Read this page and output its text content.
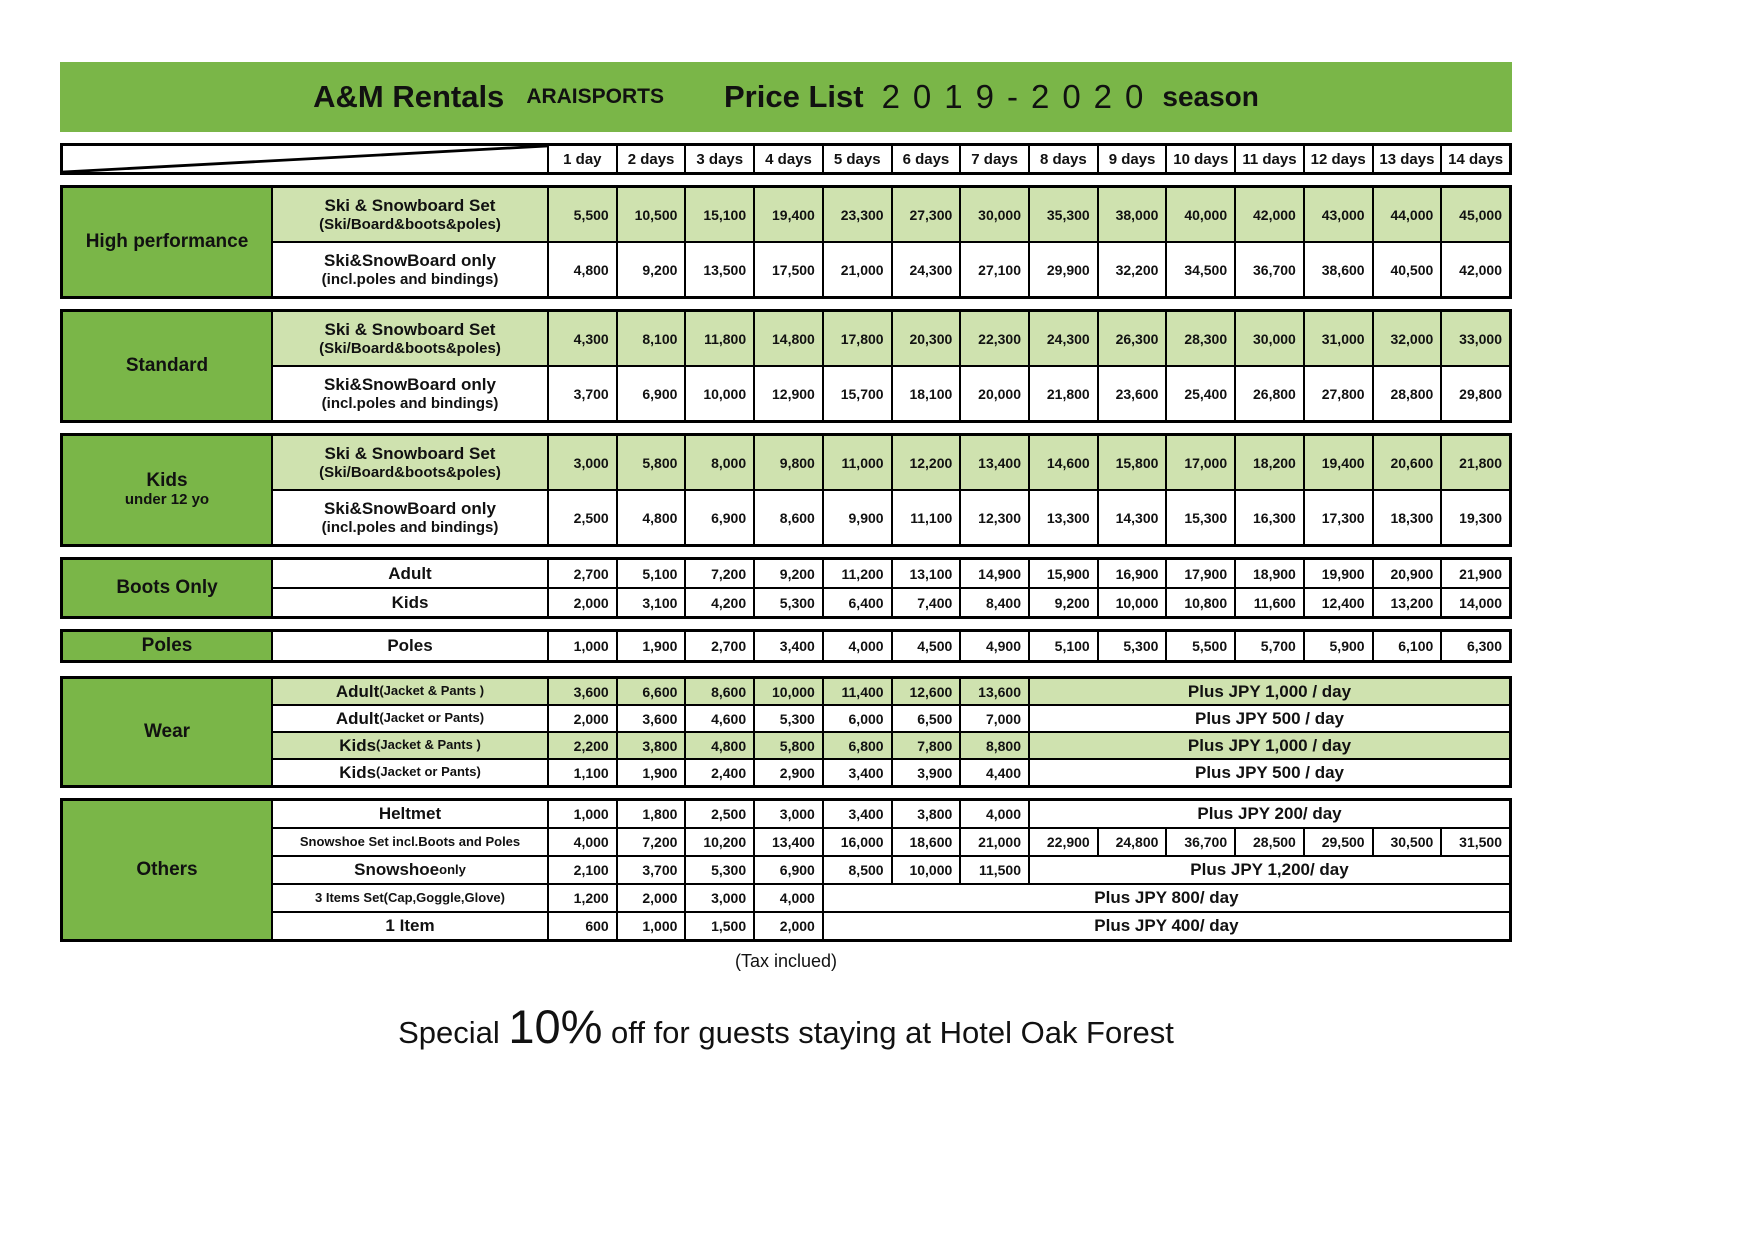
A&M Rentals ARAISPORTS Price List 2019-2020 season
1 day	2 days	3 days	4 days	5 days	6 days	7 days	8 days	9 days	10 days 11 days 12 days 13 days 14 days
High performance
Ski & Snowboard Set
(Ski/Board&boots&poles)
5,500	10,500	15,100	19,400	23,300	27,300	30,000	35,300	38,000	40,000	42,000	43,000	44,000	45,000
Ski&SnowBoard only
(incl.poles and bindings)
4,800	9,200	13,500	17,500	21,000	24,300	27,100	29,900	32,200	34,500	36,700	38,600	40,500	42,000
Standard
Ski & Snowboard Set
(Ski/Board&boots&poles)
4,300	8,100	11,800	14,800	17,800	20,300	22,300	24,300	26,300	28,300	30,000	31,000	32,000	33,000
Ski&SnowBoard only
(incl.poles and bindings)
3,700	6,900	10,000	12,900	15,700	18,100	20,000	21,800	23,600	25,400	26,800	27,800	28,800	29,800
Kids
under 12 yo
Ski & Snowboard Set
(Ski/Board&boots&poles)
3,000	5,800	8,000	9,800	11,000	12,200	13,400	14,600	15,800	17,000	18,200	19,400	20,600	21,800
Ski&SnowBoard only
(incl.poles and bindings)
2,500	4,800	6,900	8,600	9,900	11,100	12,300	13,300	14,300	15,300	16,300	17,300	18,300	19,300
Boots Only
Adult	2,700	5,100	7,200	9,200	11,200	13,100	14,900	15,900	16,900	17,900	18,900	19,900	20,900	21,900
Kids	2,000	3,100	4,200	5,300	6,400	7,400	8,400	9,200	10,000	10,800	11,600	12,400	13,200	14,000
Poles	Poles	1,000	1,900	2,700	3,400	4,000	4,500	4,900	5,100	5,300	5,500	5,700	5,900	6,100	6,300
Wear
Adult (Jacket & Pants )	3,600	6,600	8,600	10,000	11,400	12,600	13,600	Plus JPY 1,000 / day
Adult (Jacket or Pants)	2,000	3,600	4,600	5,300	6,000	6,500	7,000	Plus JPY 500 / day
Kids (Jacket & Pants )	2,200	3,800	4,800	5,800	6,800	7,800	8,800	Plus JPY 1,000 / day
Kids (Jacket or Pants)	1,100	1,900	2,400	2,900	3,400	3,900	4,400	Plus JPY 500 / day
Others
Heltmet	1,000	1,800	2,500	3,000	3,400	3,800	4,000	Plus JPY 200/ day
Snowshoe Set incl.Boots and Poles	4,000	7,200	10,200	13,400	16,000	18,600	21,000	22,900	24,800	36,700	28,500	29,500	30,500	31,500
Snowshoe only	2,100	3,700	5,300	6,900	8,500	10,000	11,500	Plus JPY 1,200/ day
3 Items Set(Cap,Goggle,Glove)	1,200	2,000	3,000	4,000	Plus JPY 800/ day
1 Item	600	1,000	1,500	2,000	Plus JPY 400/ day
(Tax inclued)
Special 10% off for guests staying at Hotel Oak Forest
